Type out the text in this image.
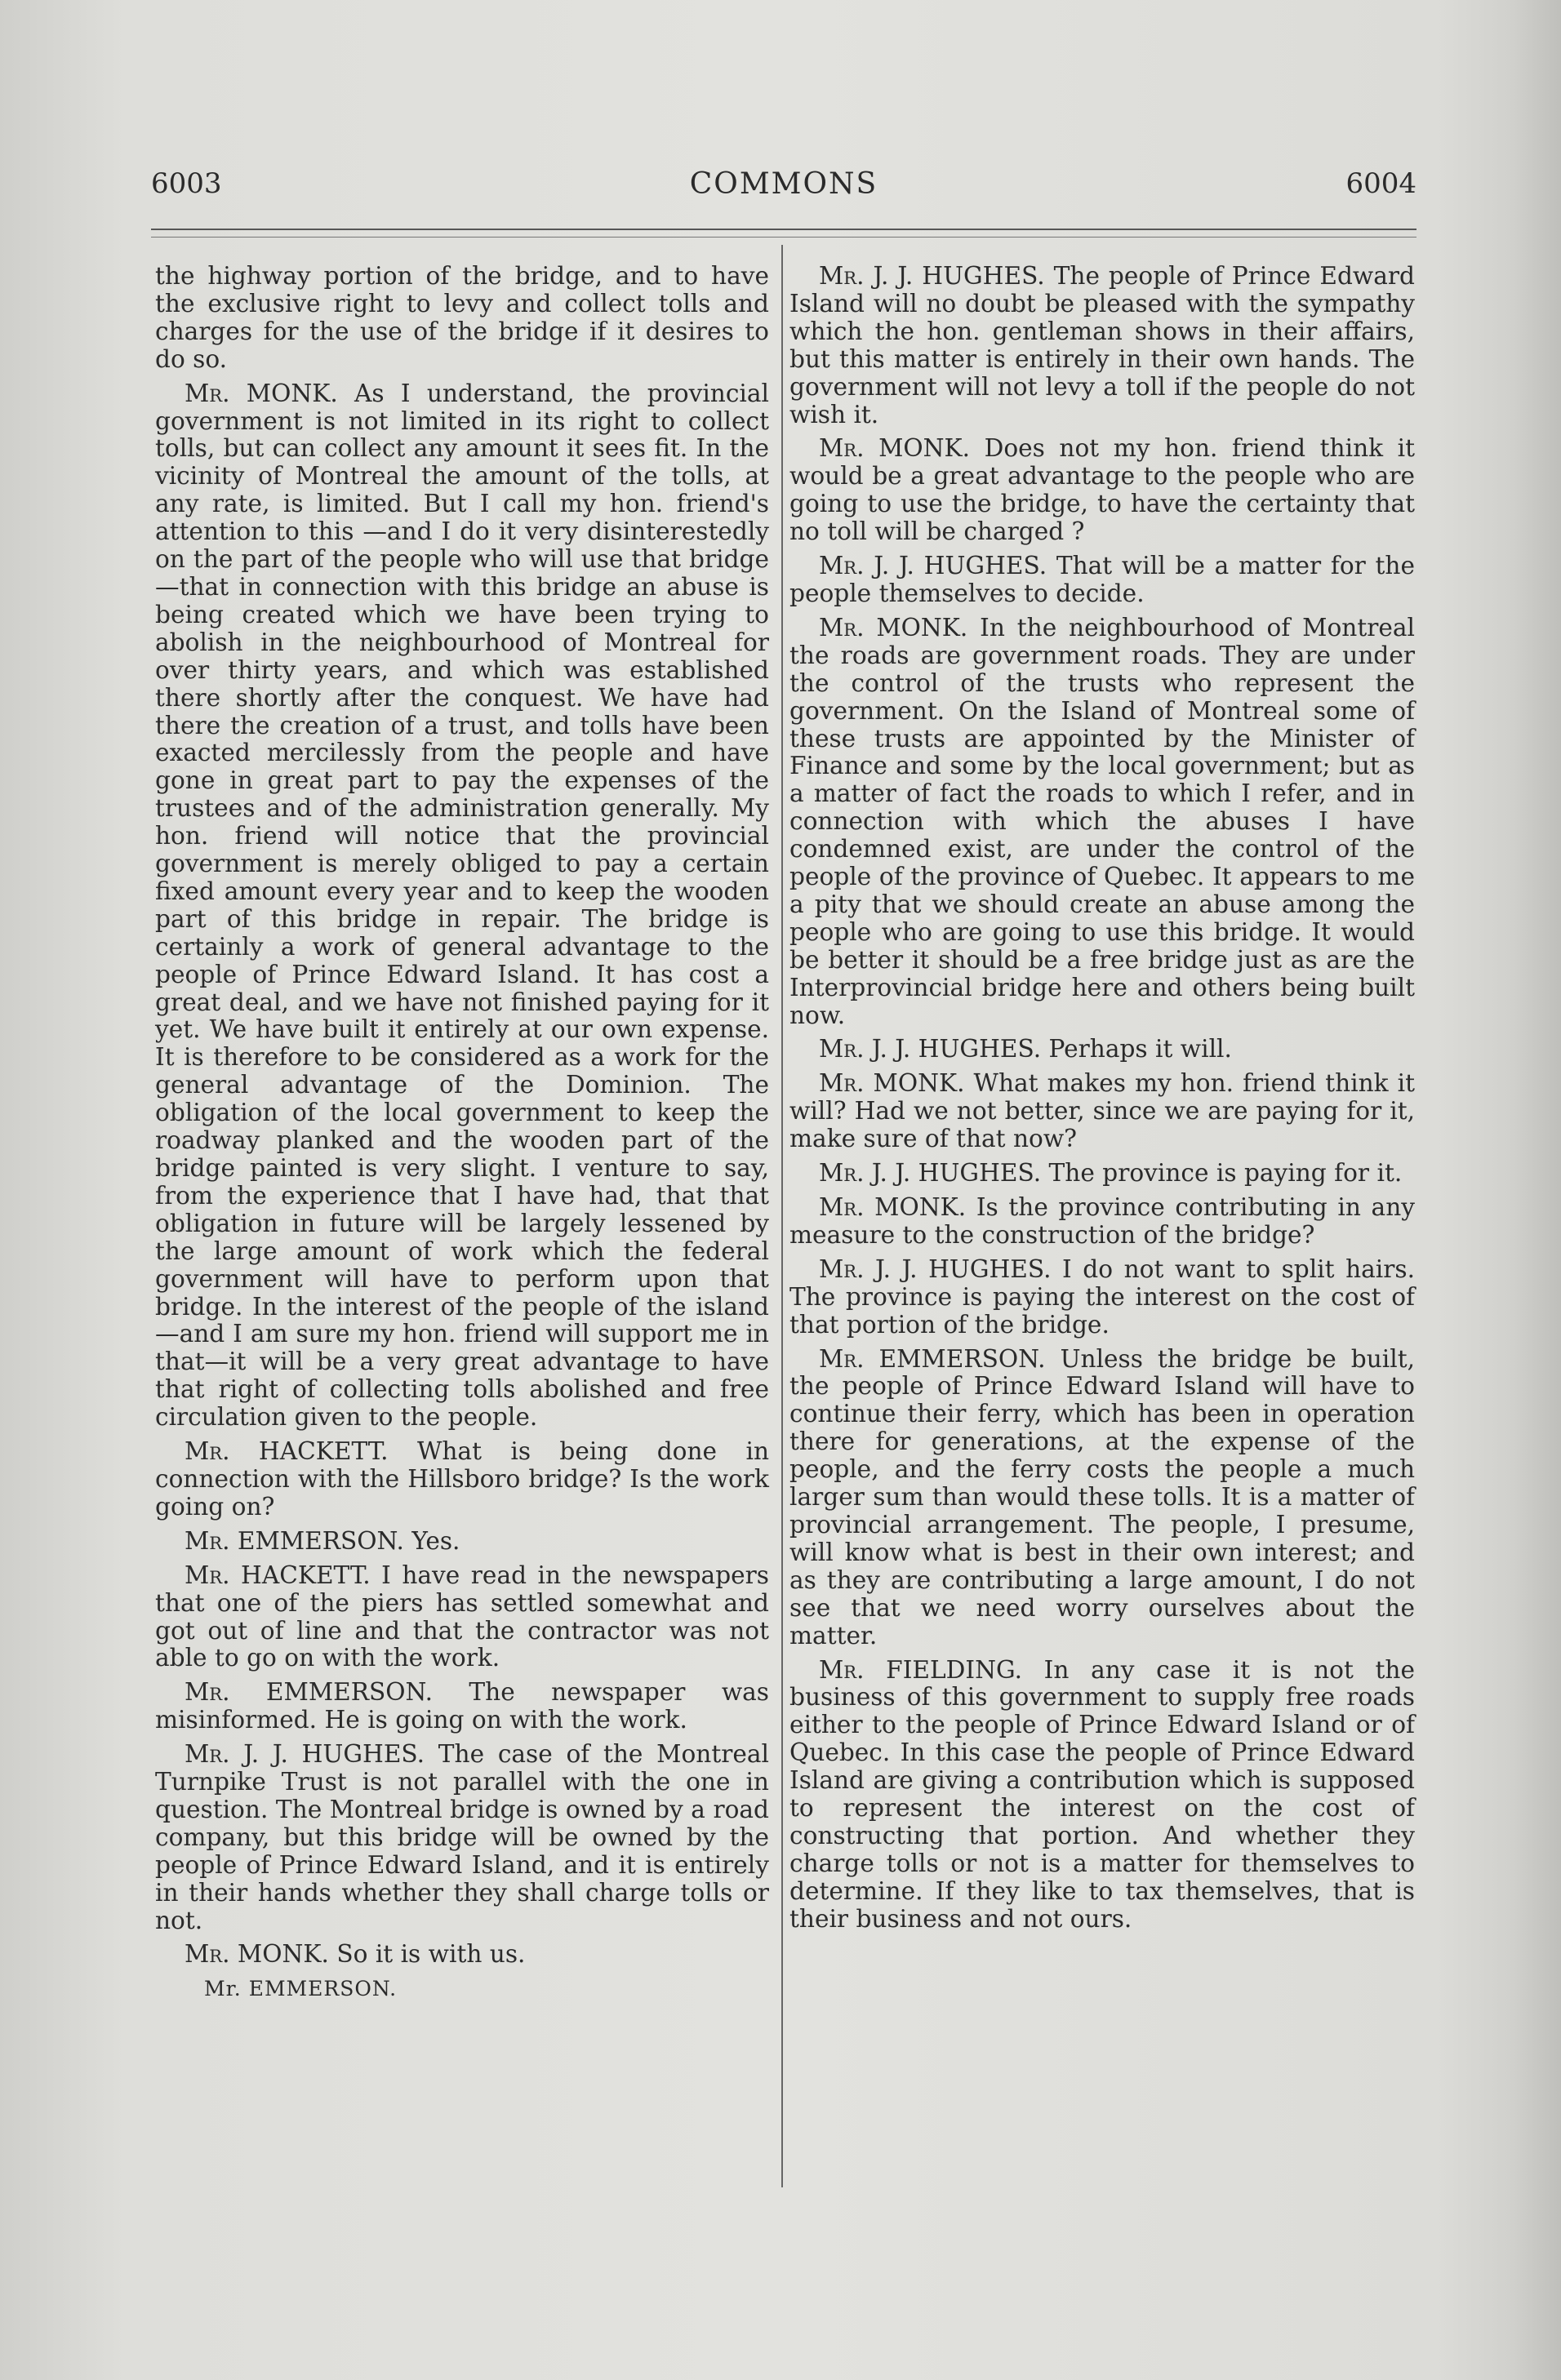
6003	COMMONS	6004

the highway portion of the bridge, and to have the exclusive right to levy and collect tolls and charges for the use of the bridge if it desires to do so.

Mr. MONK. As I understand, the provincial government is not limited in its right to collect tolls, but can collect any amount it sees fit. In the vicinity of Montreal the amount of the tolls, at any rate, is limited. But I call my hon. friend's attention to this —and I do it very disinterestedly on the part of the people who will use that bridge —that in connection with this bridge an abuse is being created which we have been trying to abolish in the neighbourhood of Montreal for over thirty years, and which was established there shortly after the conquest. We have had there the creation of a trust, and tolls have been exacted mercilessly from the people and have gone in great part to pay the expenses of the trustees and of the administration generally. My hon. friend will notice that the provincial government is merely obliged to pay a certain fixed amount every year and to keep the wooden part of this bridge in repair. The bridge is certainly a work of general advantage to the people of Prince Edward Island. It has cost a great deal, and we have not finished paying for it yet. We have built it entirely at our own expense. It is therefore to be considered as a work for the general advantage of the Dominion. The obligation of the local government to keep the roadway planked and the wooden part of the bridge painted is very slight. I venture to say, from the experience that I have had, that that obligation in future will be largely lessened by the large amount of work which the federal government will have to perform upon that bridge. In the interest of the people of the island—and I am sure my hon. friend will support me in that—it will be a very great advantage to have that right of collecting tolls abolished and free circulation given to the people.

Mr. HACKETT. What is being done in connection with the Hillsboro bridge? Is the work going on?

Mr. EMMERSON. Yes.

Mr. HACKETT. I have read in the newspapers that one of the piers has settled somewhat and got out of line and that the contractor was not able to go on with the work.

Mr. EMMERSON. The newspaper was misinformed. He is going on with the work.

Mr. J. J. HUGHES. The case of the Montreal Turnpike Trust is not parallel with the one in question. The Montreal bridge is owned by a road company, but this bridge will be owned by the people of Prince Edward Island, and it is entirely in their hands whether they shall charge tolls or not.

Mr. MONK. So it is with us.

Mr. EMMERSON.

Mr. J. J. HUGHES. The people of Prince Edward Island will no doubt be pleased with the sympathy which the hon. gentleman shows in their affairs, but this matter is entirely in their own hands. The government will not levy a toll if the people do not wish it.

Mr. MONK. Does not my hon. friend think it would be a great advantage to the people who are going to use the bridge, to have the certainty that no toll will be charged ?

Mr. J. J. HUGHES. That will be a matter for the people themselves to decide.

Mr. MONK. In the neighbourhood of Montreal the roads are government roads. They are under the control of the trusts who represent the government. On the Island of Montreal some of these trusts are appointed by the Minister of Finance and some by the local government; but as a matter of fact the roads to which I refer, and in connection with which the abuses I have condemned exist, are under the control of the people of the province of Quebec. It appears to me a pity that we should create an abuse among the people who are going to use this bridge. It would be better it should be a free bridge just as are the Interprovincial bridge here and others being built now.

Mr. J. J. HUGHES. Perhaps it will.

Mr. MONK. What makes my hon. friend think it will? Had we not better, since we are paying for it, make sure of that now?

Mr. J. J. HUGHES. The province is paying for it.

Mr. MONK. Is the province contributing in any measure to the construction of the bridge?

Mr. J. J. HUGHES. I do not want to split hairs. The province is paying the interest on the cost of that portion of the bridge.

Mr. EMMERSON. Unless the bridge be built, the people of Prince Edward Island will have to continue their ferry, which has been in operation there for generations, at the expense of the people, and the ferry costs the people a much larger sum than would these tolls. It is a matter of provincial arrangement. The people, I presume, will know what is best in their own interest; and as they are contributing a large amount, I do not see that we need worry ourselves about the matter.

Mr. FIELDING. In any case it is not the business of this government to supply free roads either to the people of Prince Edward Island or of Quebec. In this case the people of Prince Edward Island are giving a contribution which is supposed to represent the interest on the cost of constructing that portion. And whether they charge tolls or not is a matter for themselves to determine. If they like to tax themselves, that is their business and not ours.
